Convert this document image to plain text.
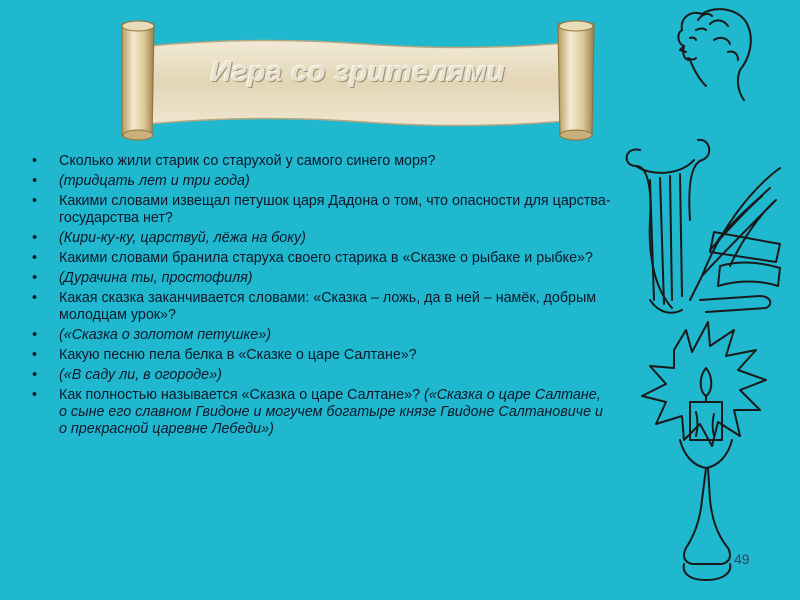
Игра со зрителями
• Сколько жили старик со старухой у самого синего моря?
• (тридцать лет и три года)
• Какими словами извещал петушок царя Дадона о том, что опасности для царства-государства нет?
• (Кири-ку-ку, царствуй, лёжа на боку)
• Какими словами бранила старуха своего старика в «Сказке о рыбаке и рыбке»?
• (Дурачина ты, простофиля)
• Какая сказка заканчивается словами: «Сказка – ложь, да в ней – намёк, добрым молодцам урок»?
• («Сказка о золотом петушке»)
• Какую песню пела белка в «Сказке о царе Салтане»?
• («В саду ли, в огороде»)
• Как полностью называется «Сказка о царе Салтане»? («Сказка о царе Салтане, о сыне его славном Гвидоне и могучем богатыре князе Гвидоне Салтановиче и о прекрасной царевне Лебеди»)
49
